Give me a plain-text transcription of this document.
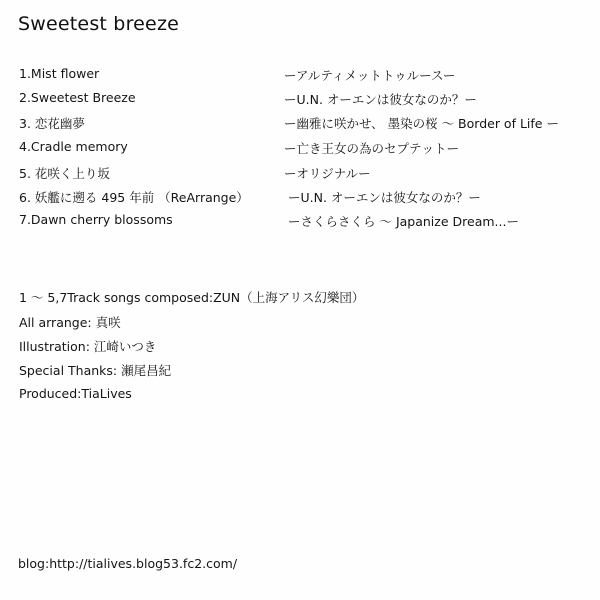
Sweetest breeze
1.Mist flower	ーアルティメットトゥルースー
2.Sweetest Breeze	ーU.N. オーエンは彼女なのか？ー
3. 恋花幽夢	ー幽雅に咲かせ、 墨染の桜 ～ Border of Life ー
4.Cradle memory	ー亡き王女の為のセプテットー
5. 花咲く上り坂	ーオリジナルー
6. 妖艦に遡る 495 年前 （ReArrange）	ーU.N. オーエンは彼女なのか？ー
7.Dawn cherry blossoms	ーさくらさくら ～ Japanize Dream...ー
1 ～ 5,7Track songs composed:ZUN（上海アリス幻樂団）
All arrange: 真咲
Illustration: 江崎いつき
Special Thanks: 瀬尾昌紀
Produced:TiaLives
blog:http://tialives.blog53.fc2.com/
